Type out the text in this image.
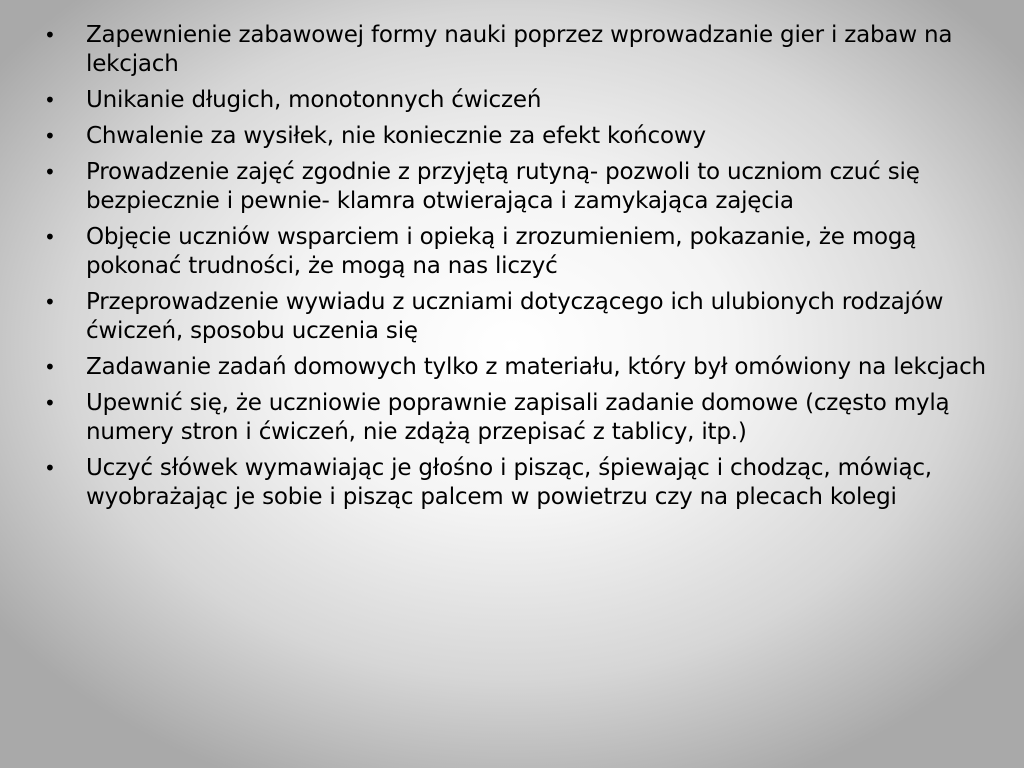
• Zapewnienie zabawowej formy nauki poprzez wprowadzanie gier i zabaw na lekcjach
• Unikanie długich, monotonnych ćwiczeń
• Chwalenie za wysiłek, nie koniecznie za efekt końcowy
• Prowadzenie zajęć zgodnie z przyjętą rutyną- pozwoli to uczniom czuć się bezpiecznie i pewnie- klamra otwierająca i zamykająca zajęcia
• Objęcie uczniów wsparciem i opieką i zrozumieniem, pokazanie, że mogą pokonać trudności, że mogą na nas liczyć
• Przeprowadzenie wywiadu z uczniami dotyczącego ich ulubionych rodzajów ćwiczeń, sposobu uczenia się
• Zadawanie zadań domowych tylko z materiału, który był omówiony na lekcjach
• Upewnić się, że uczniowie poprawnie zapisali zadanie domowe (często mylą numery stron i ćwiczeń, nie zdążą przepisać z tablicy, itp.)
• Uczyć słówek wymawiając je głośno i pisząc, śpiewając i chodząc, mówiąc, wyobrażając je sobie i pisząc palcem w powietrzu czy na plecach kolegi
